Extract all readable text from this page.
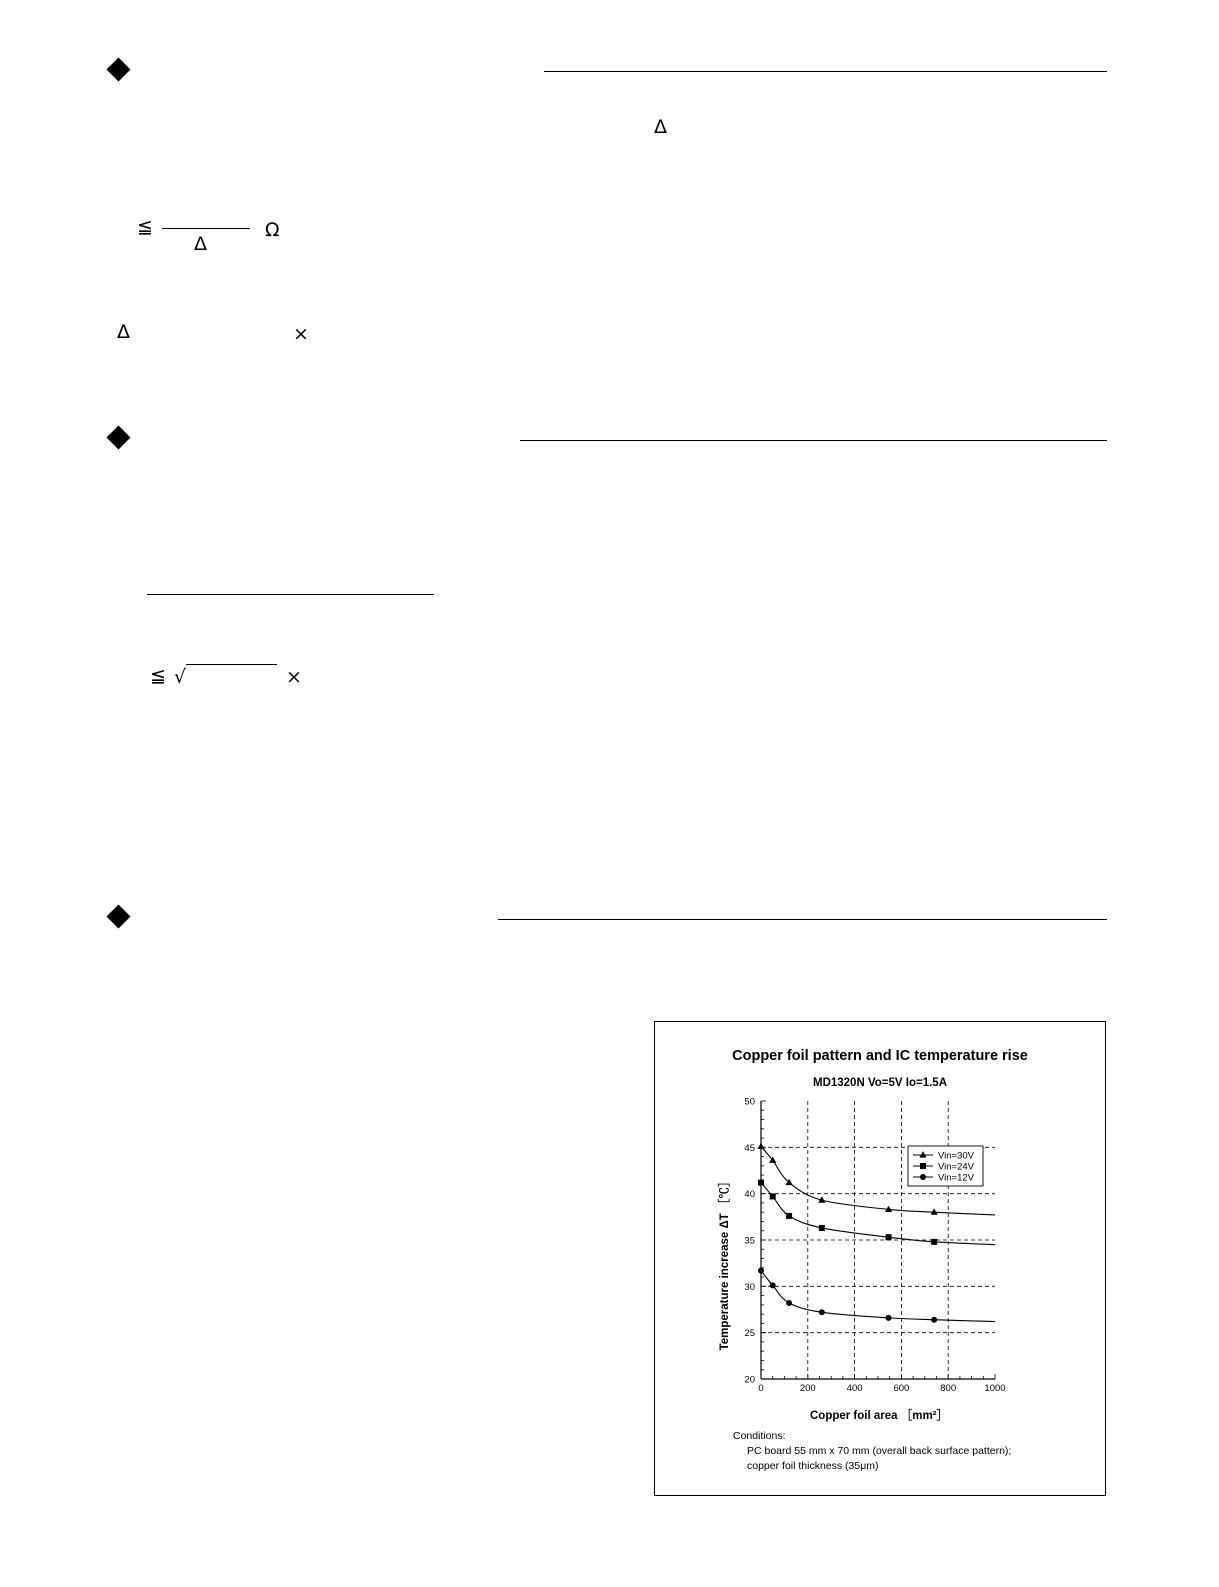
Δ
≦
Δ
Ω
Δ	×
≦ √	×
Copper foil pattern and IC temperature rise
MD1320N Vo=5V Io=1.5A
20
25
30
35
40
45
50
0	200	400	600	800	1000
Vin=30V
Vin=24V
Vin=12V
Copper foil area ［mm²］
Temperature increase ΔT ［℃］
Conditions:
PC board 55 mm x 70 mm (overall back surface pattern);
copper foil thickness (35μm)
